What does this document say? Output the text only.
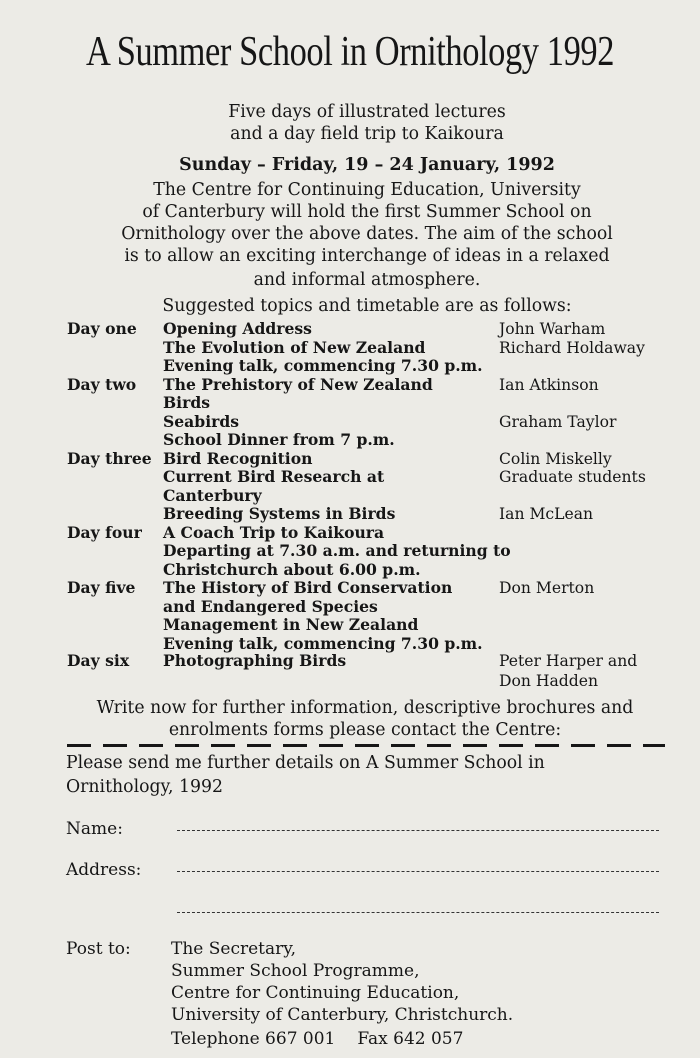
A Summer School in Ornithology 1992
Five days of illustrated lectures
and a day field trip to Kaikoura
Sunday – Friday, 19 – 24 January, 1992
The Centre for Continuing Education, University
of Canterbury will hold the first Summer School on
Ornithology over the above dates. The aim of the school
is to allow an exciting interchange of ideas in a relaxed
and informal atmosphere.
Suggested topics and timetable are as follows:
Day one Opening Address	John Warham
The Evolution of New Zealand	Richard Holdaway
Evening talk, commencing 7.30 p.m.
Day two The Prehistory of New Zealand	Ian Atkinson
Birds
Seabirds	Graham Taylor
School Dinner from 7 p.m.
Day three Bird Recognition	Colin Miskelly
Current Bird Research at	Graduate students
Canterbury
Breeding Systems in Birds	Ian McLean
Day four A Coach Trip to Kaikoura
Departing at 7.30 a.m. and returning to
Christchurch about 6.00 p.m.
Day five The History of Bird Conservation	Don Merton
and Endangered Species
Management in New Zealand
Evening talk, commencing 7.30 p.m.
Day six Photographing Birds	Peter Harper and
Don Hadden
Write now for further information, descriptive brochures and
enrolments forms please contact the Centre:
Please send me further details on A Summer School in
Ornithology, 1992
Name:
Address:
Post to: The Secretary,
Summer School Programme,
Centre for Continuing Education,
University of Canterbury, Christchurch.
Telephone 667 001 Fax 642 057
